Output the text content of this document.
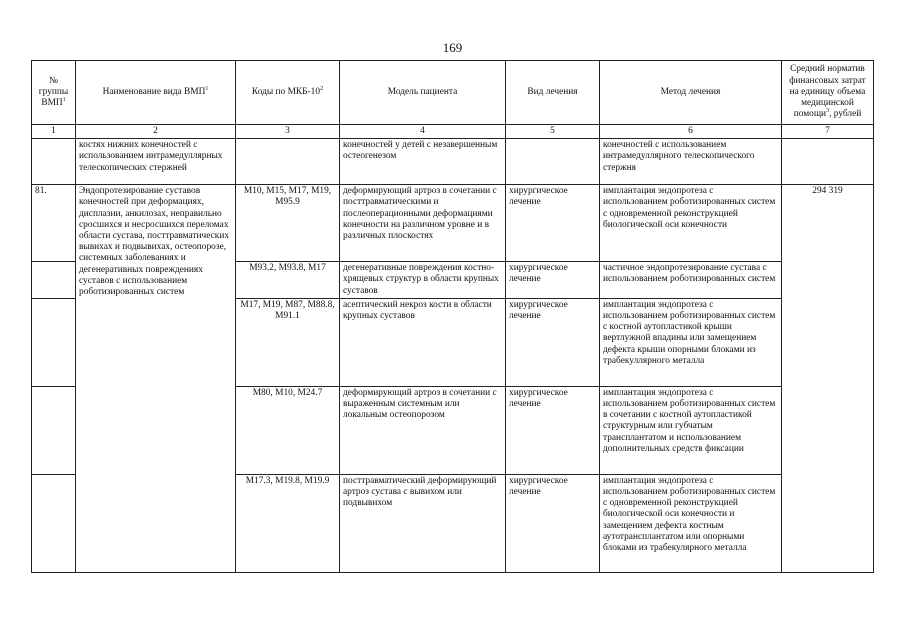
169
№
группы
ВМП$^1$	Наименование вида ВМП$^1$	Коды по МКБ-$10^2$	Модель пациента	Вид лечения	Метод лечения	Средний норматив финансовых затрат на единицу объема медицинской помощи$^3$, рублей
1	2	3	4	5	6	7
	костях нижних конечностей с использованием интрамедуллярных телескопических стержней		конечностей у детей с незавершенным остеогенезом		конечностей с использованием интрамедуллярного телескопического стержня	
81.	Эндопротезирование суставов конечностей при деформациях, дисплазии, анкилозах, неправильно сросшихся и несросшихся переломах области сустава, посттравматических вывихах и подвывихах, остеопорозе, системных заболеваниях и дегенеративных повреждениях суставов с использованием роботизированных систем	M10, M15, M17, M19, M95.9	деформирующий артроз в сочетании с посттравматическими и послеоперационными деформациями конечности на различном уровне и в различных плоскостях	хирургическое лечение	имплантация эндопротеза с использованием роботизированных систем с одновременной реконструкцией биологической оси конечности	294 319
		M93.2, M93.8, M17	дегенеративные повреждения костно-хрящевых структур в области крупных суставов	хирургическое лечение	частичное эндопротезирование сустава с использованием роботизированных систем	
		M17, M19, M87, M88.8, M91.1	асептический некроз кости в области крупных суставов	хирургическое лечение	имплантация эндопротеза с использованием роботизированных систем с костной аутопластикой крыши вертлужной впадины или замещением дефекта крыши опорными блоками из трабекуллярного металла	
		M80, M10, M24.7	деформирующий артроз в сочетании с выраженным системным или локальным остеопорозом	хирургическое лечение	имплантация эндопротеза с использованием роботизированных систем в сочетании с костной аутопластикой структурным или губчатым трансплантатом и использованием дополнительных средств фиксации	
		M17.3, M19.8, M19.9	посттравматический деформирующий артроз сустава с вывихом или подвывихом	хирургическое лечение	имплантация эндопротеза с использованием роботизированных систем с одновременной реконструкцией биологической оси конечности и замещением дефекта костным аутотрансплантатом или опорными блоками из трабекулярного металла	
